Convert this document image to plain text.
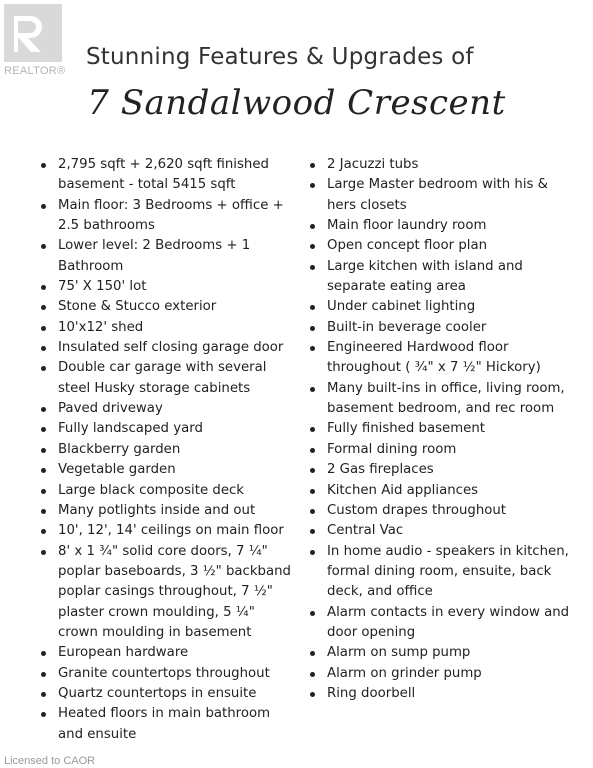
REALTOR®
Stunning Features & Upgrades of
7 Sandalwood Crescent
2,795 sqft + 2,620 sqft finished basement - total 5415 sqft
Main floor: 3 Bedrooms + office + 2.5 bathrooms
Lower level: 2 Bedrooms + 1 Bathroom
75' X 150' lot
Stone & Stucco exterior
10'x12' shed
Insulated self closing garage door
Double car garage with several steel Husky storage cabinets
Paved driveway
Fully landscaped yard
Blackberry garden
Vegetable garden
Large black composite deck
Many potlights inside and out
10', 12', 14' ceilings on main floor
8' x 1 ¾" solid core doors, 7 ¼" poplar baseboards, 3 ½" backband poplar casings throughout, 7 ½" plaster crown moulding, 5 ¼" crown moulding in basement
European hardware
Granite countertops throughout
Quartz countertops in ensuite
Heated floors in main bathroom and ensuite
2 Jacuzzi tubs
Large Master bedroom with his & hers closets
Main floor laundry room
Open concept floor plan
Large kitchen with island and separate eating area
Under cabinet lighting
Built-in beverage cooler
Engineered Hardwood floor throughout ( ¾" x 7 ½" Hickory)
Many built-ins in office, living room, basement bedroom, and rec room
Fully finished basement
Formal dining room
2 Gas fireplaces
Kitchen Aid appliances
Custom drapes throughout
Central Vac
In home audio - speakers in kitchen, formal dining room, ensuite, back deck, and office
Alarm contacts in every window and door opening
Alarm on sump pump
Alarm on grinder pump
Ring doorbell
Licensed to CAOR
